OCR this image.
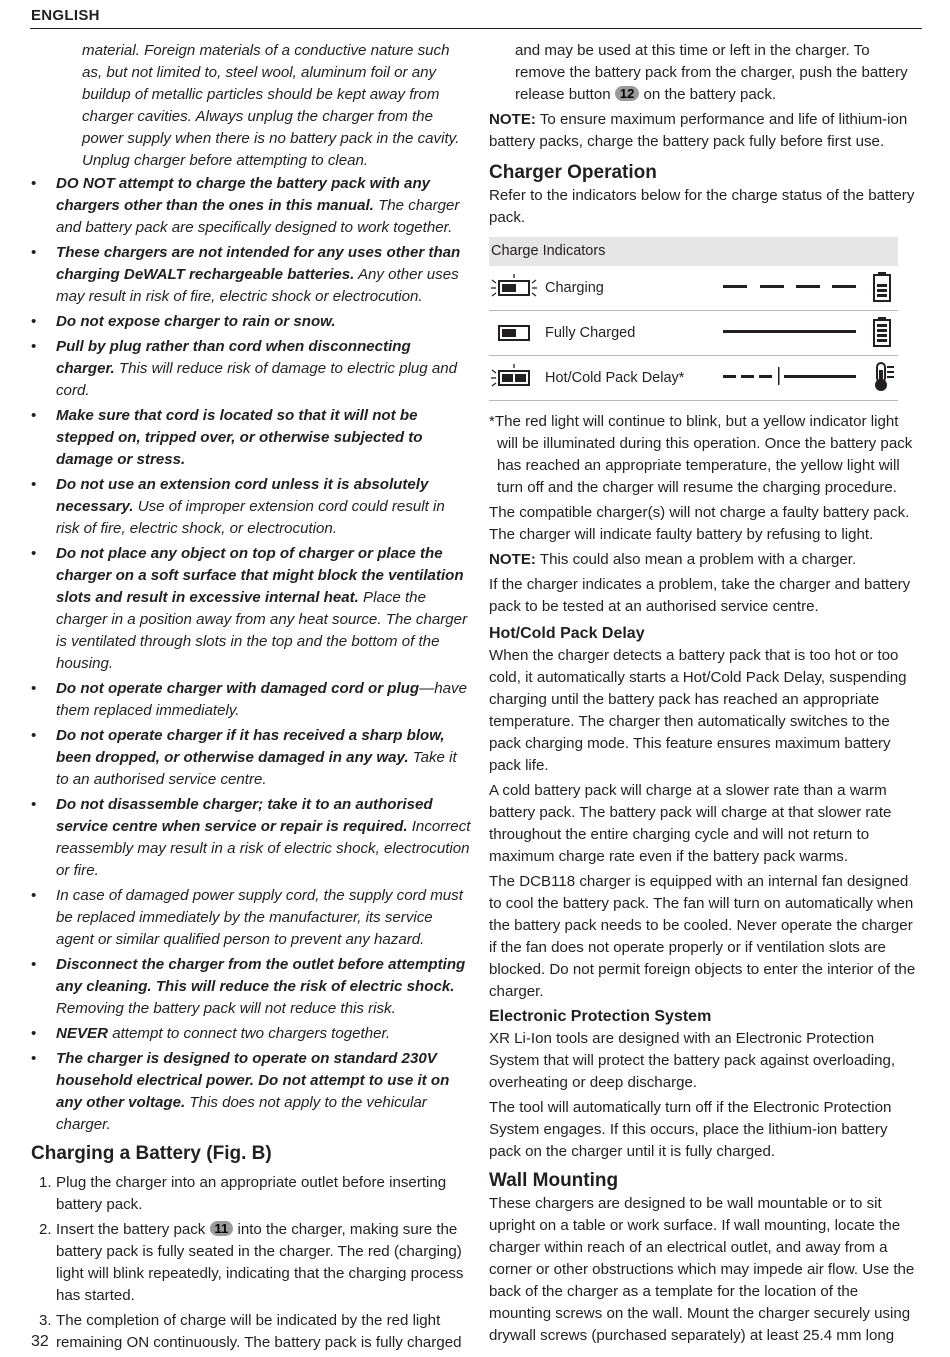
ENGLISH
material. Foreign materials of a conductive nature such as, but not limited to, steel wool, aluminum foil or any buildup of metallic particles should be kept away from charger cavities. Always unplug the charger from the power supply when there is no battery pack in the cavity. Unplug charger before attempting to clean.
• DO NOT attempt to charge the battery pack with any chargers other than the ones in this manual. The charger and battery pack are specifically designed to work together.
• These chargers are not intended for any uses other than charging DeWALT rechargeable batteries. Any other uses may result in risk of fire, electric shock or electrocution.
• Do not expose charger to rain or snow.
• Pull by plug rather than cord when disconnecting charger. This will reduce risk of damage to electric plug and cord.
• Make sure that cord is located so that it will not be stepped on, tripped over, or otherwise subjected to damage or stress.
• Do not use an extension cord unless it is absolutely necessary. Use of improper extension cord could result in risk of fire, electric shock, or electrocution.
• Do not place any object on top of charger or place the charger on a soft surface that might block the ventilation slots and result in excessive internal heat. Place the charger in a position away from any heat source. The charger is ventilated through slots in the top and the bottom of the housing.
• Do not operate charger with damaged cord or plug—have them replaced immediately.
• Do not operate charger if it has received a sharp blow, been dropped, or otherwise damaged in any way. Take it to an authorised service centre.
• Do not disassemble charger; take it to an authorised service centre when service or repair is required. Incorrect reassembly may result in a risk of electric shock, electrocution or fire.
• In case of damaged power supply cord, the supply cord must be replaced immediately by the manufacturer, its service agent or similar qualified person to prevent any hazard.
• Disconnect the charger from the outlet before attempting any cleaning. This will reduce the risk of electric shock. Removing the battery pack will not reduce this risk.
• NEVER attempt to connect two chargers together.
• The charger is designed to operate on standard 230V household electrical power. Do not attempt to use it on any other voltage. This does not apply to the vehicular charger.
Charging a Battery (Fig. B)
1. Plug the charger into an appropriate outlet before inserting battery pack.
2. Insert the battery pack 11 into the charger, making sure the battery pack is fully seated in the charger. The red (charging) light will blink repeatedly, indicating that the charging process has started.
3. The completion of charge will be indicated by the red light remaining ON continuously. The battery pack is fully charged

and may be used at this time or left in the charger. To remove the battery pack from the charger, push the battery release button 12 on the battery pack.

NOTE: To ensure maximum performance and life of lithium-ion battery packs, charge the battery pack fully before first use.

Charger Operation

Refer to the indicators below for the charge status of the battery pack.

Charge Indicators
Charging
Fully Charged
Hot/Cold Pack Delay*

*The red light will continue to blink, but a yellow indicator light will be illuminated during this operation. Once the battery pack has reached an appropriate temperature, the yellow light will turn off and the charger will resume the charging procedure.

The compatible charger(s) will not charge a faulty battery pack. The charger will indicate faulty battery by refusing to light.

NOTE: This could also mean a problem with a charger.

If the charger indicates a problem, take the charger and battery pack to be tested at an authorised service centre.

Hot/Cold Pack Delay

When the charger detects a battery pack that is too hot or too cold, it automatically starts a Hot/Cold Pack Delay, suspending charging until the battery pack has reached an appropriate temperature. The charger then automatically switches to the pack charging mode. This feature ensures maximum battery pack life.

A cold battery pack will charge at a slower rate than a warm battery pack. The battery pack will charge at that slower rate throughout the entire charging cycle and will not return to maximum charge rate even if the battery pack warms.

The DCB118 charger is equipped with an internal fan designed to cool the battery pack. The fan will turn on automatically when the battery pack needs to be cooled. Never operate the charger if the fan does not operate properly or if ventilation slots are blocked. Do not permit foreign objects to enter the interior of the charger.

Electronic Protection System

XR Li-Ion tools are designed with an Electronic Protection System that will protect the battery pack against overloading, overheating or deep discharge.

The tool will automatically turn off if the Electronic Protection System engages. If this occurs, place the lithium-ion battery pack on the charger until it is fully charged.

Wall Mounting

These chargers are designed to be wall mountable or to sit upright on a table or work surface. If wall mounting, locate the charger within reach of an electrical outlet, and away from a corner or other obstructions which may impede air flow. Use the back of the charger as a template for the location of the mounting screws on the wall. Mount the charger securely using drywall screws (purchased separately) at least 25.4 mm long

32
